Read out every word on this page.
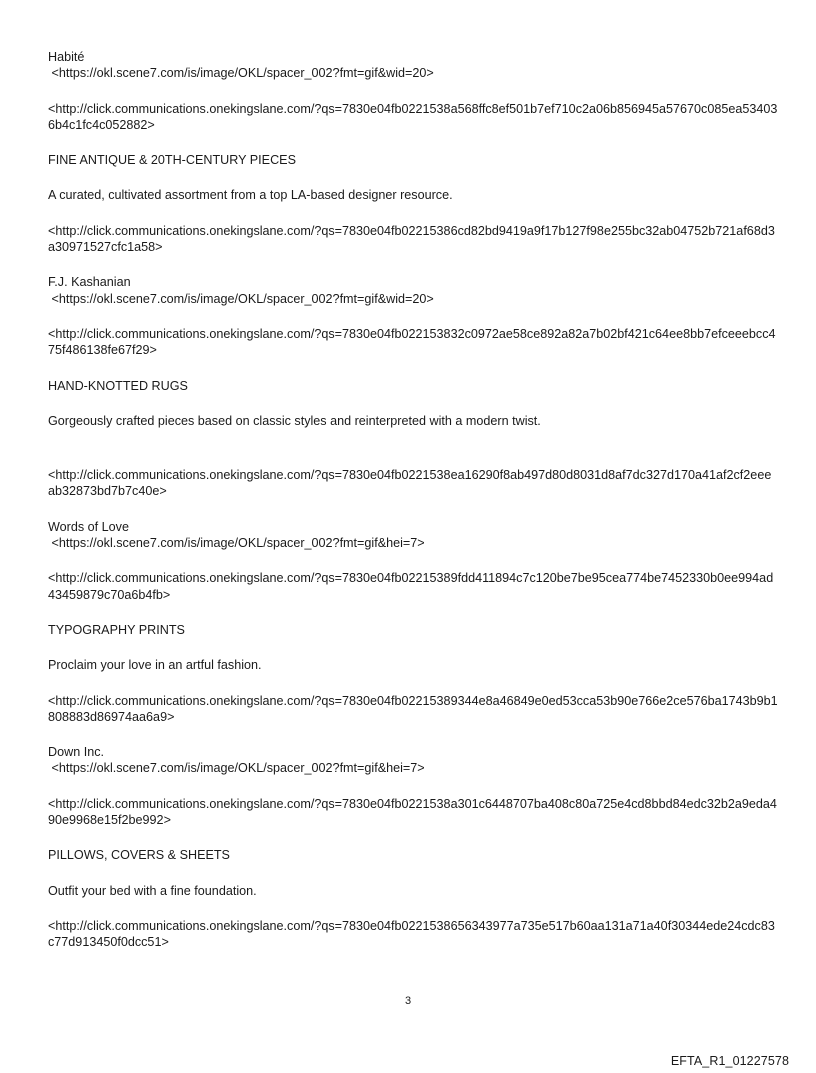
Habité
<https://okl.scene7.com/is/image/OKL/spacer_002?fmt=gif&wid=20>
<http://click.communications.onekingslane.com/?qs=7830e04fb0221538a568ffc8ef501b7ef710c2a06b856945a57670c085ea534036b4c1fc4c052882>
FINE ANTIQUE & 20TH-CENTURY PIECES
A curated, cultivated assortment from a top LA-based designer resource.
<http://click.communications.onekingslane.com/?qs=7830e04fb02215386cd82bd9419a9f17b127f98e255bc32ab04752b721af68d3a30971527cfc1a58>
F.J. Kashanian
<https://okl.scene7.com/is/image/OKL/spacer_002?fmt=gif&wid=20>
<http://click.communications.onekingslane.com/?qs=7830e04fb022153832c0972ae58ce892a82a7b02bf421c64ee8bb7efceeebcc475f486138fe67f29>
HAND-KNOTTED RUGS
Gorgeously crafted pieces based on classic styles and reinterpreted with a modern twist.
<http://click.communications.onekingslane.com/?qs=7830e04fb0221538ea16290f8ab497d80d8031d8af7dc327d170a41af2cf2eeeab32873bd7b7c40e>
Words of Love
<https://okl.scene7.com/is/image/OKL/spacer_002?fmt=gif&hei=7>
<http://click.communications.onekingslane.com/?qs=7830e04fb02215389fdd411894c7c120be7be95cea774be7452330b0ee994ad43459879c70a6b4fb>
TYPOGRAPHY PRINTS
Proclaim your love in an artful fashion.
<http://click.communications.onekingslane.com/?qs=7830e04fb02215389344e8a46849e0ed53cca53b90e766e2ce576ba1743b9b1808883d86974aa6a9>
Down Inc.
<https://okl.scene7.com/is/image/OKL/spacer_002?fmt=gif&hei=7>
<http://click.communications.onekingslane.com/?qs=7830e04fb0221538a301c6448707ba408c80a725e4cd8bbd84edc32b2a9eda490e9968e15f2be992>
PILLOWS, COVERS & SHEETS
Outfit your bed with a fine foundation.
<http://click.communications.onekingslane.com/?qs=7830e04fb0221538656343977a735e517b60aa131a71a40f30344ede24cdc83c77d913450f0dcc51>
3
EFTA_R1_01227578
